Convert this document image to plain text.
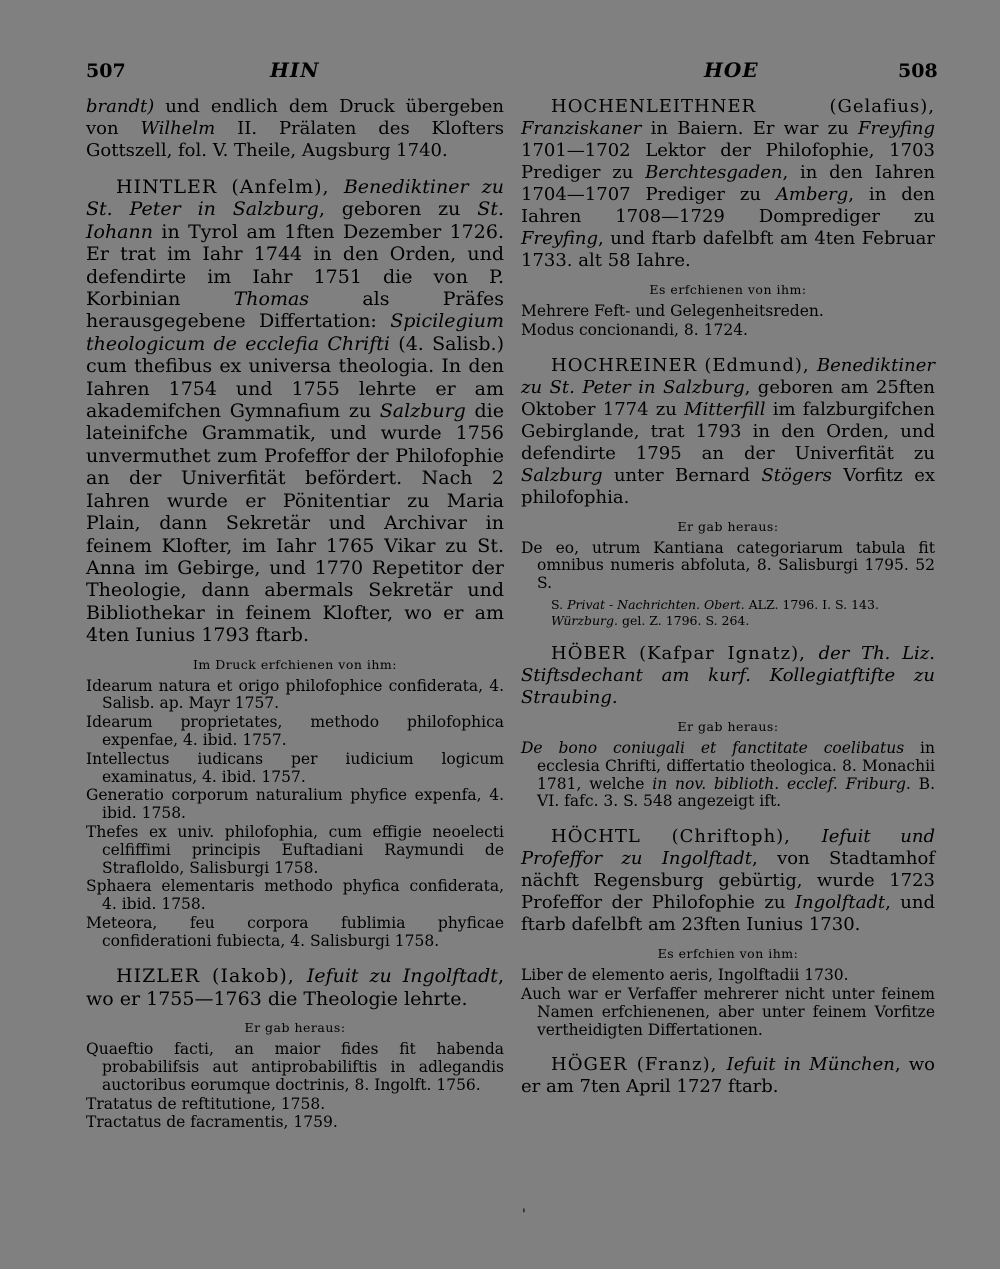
507	HIN	HOE	508

brandt) und endlich dem Druck übergeben von Wilhelm II. Prälaten des Klofters Gottszell, fol. V. Theile, Augsburg 1740.

HINTLER (Anfelm), Benediktiner zu St. Peter in Salzburg, geboren zu St. Iohann in Tyrol am 1ften Dezember 1726. Er trat im Iahr 1744 in den Orden, und defendirte im Iahr 1751 die von P. Korbinian Thomas als Präfes herausgegebene Differtation: Spicilegium theologicum de ecclefia Chrifti (4. Salisb.) cum thefibus ex universa theologia. In den Iahren 1754 und 1755 lehrte er am akademifchen Gymnafium zu Salzburg die lateinifche Grammatik, und wurde 1756 unvermuthet zum Profeffor der Philofophie an der Univerfität befördert. Nach 2 Iahren wurde er Pönitentiar zu Maria Plain, dann Sekretär und Archivar in feinem Klofter, im Iahr 1765 Vikar zu St. Anna im Gebirge, und 1770 Repetitor der Theologie, dann abermals Sekretär und Bibliothekar in feinem Klofter, wo er am 4ten Iunius 1793 ftarb.

Im Druck erfchienen von ihm:

Idearum natura et origo philofophice confiderata, 4. Salisb. ap. Mayr 1757.

Idearum proprietates, methodo philofophica expenfae, 4. ibid. 1757.

Intellectus iudicans per iudicium logicum examinatus, 4. ibid. 1757.

Generatio corporum naturalium phyfice expenfa, 4. ibid. 1758.

Thefes ex univ. philofophia, cum effigie neoelecti celfiffimi principis Euftadiani Raymundi de Strafloldo, Salisburgi 1758.

Sphaera elementaris methodo phyfica confiderata, 4. ibid. 1758.

Meteora, feu corpora fublimia phyficae confiderationi fubiecta, 4. Salisburgi 1758.

HIZLER (Iakob), Iefuit zu Ingolftadt, wo er 1755—1763 die Theologie lehrte.

Er gab heraus:

Quaeftio facti, an maior fides fit habenda probabilifsis aut antiprobabiliftis in adlegandis auctoribus eorumque doctrinis, 8. Ingolft. 1756.

Tratatus de reftitutione, 1758.

Tractatus de facramentis, 1759.

HOCHENLEITHNER (Gelafius), Franziskaner in Baiern. Er war zu Freyfing 1701—1702 Lektor der Philofophie, 1703 Prediger zu Berchtesgaden, in den Iahren 1704—1707 Prediger zu Amberg, in den Iahren 1708—1729 Domprediger zu Freyfing, und ftarb dafelbft am 4ten Februar 1733. alt 58 Iahre.

Es erfchienen von ihm:

Mehrere Feft- und Gelegenheitsreden.

Modus concionandi, 8. 1724.

HOCHREINER (Edmund), Benediktiner zu St. Peter in Salzburg, geboren am 25ften Oktober 1774 zu Mitterfill im falzburgifchen Gebirglande, trat 1793 in den Orden, und defendirte 1795 an der Univerfität zu Salzburg unter Bernard Stögers Vorfitz ex philofophia.

Er gab heraus:

De eo, utrum Kantiana categoriarum tabula fit omnibus numeris abfoluta, 8. Salisburgi 1795. 52 S.

S. Privat - Nachrichten. Obert. ALZ. 1796. I. S. 143. Würzburg. gel. Z. 1796. S. 264.

HÖBER (Kafpar Ignatz), der Th. Liz. Stiftsdechant am kurf. Kollegiatftifte zu Straubing.

Er gab heraus:

De bono coniugali et fanctitate coelibatus in ecclesia Chrifti, differtatio theologica. 8. Monachii 1781, welche in nov. biblioth. ecclef. Friburg. B. VI. fafc. 3. S. 548 angezeigt ift.

HÖCHTL (Chriftoph), Iefuit und Profeffor zu Ingolftadt, von Stadtamhof nächft Regensburg gebürtig, wurde 1723 Profeffor der Philofophie zu Ingolftadt, und ftarb dafelbft am 23ften Iunius 1730.

Es erfchien von ihm:

Liber de elemento aeris, Ingolftadii 1730.

Auch war er Verfaffer mehrerer nicht unter feinem Namen erfchienenen, aber unter feinem Vorfitze vertheidigten Differtationen.

HÖGER (Franz), Iefuit in München, wo er am 7ten April 1727 ftarb.

'
